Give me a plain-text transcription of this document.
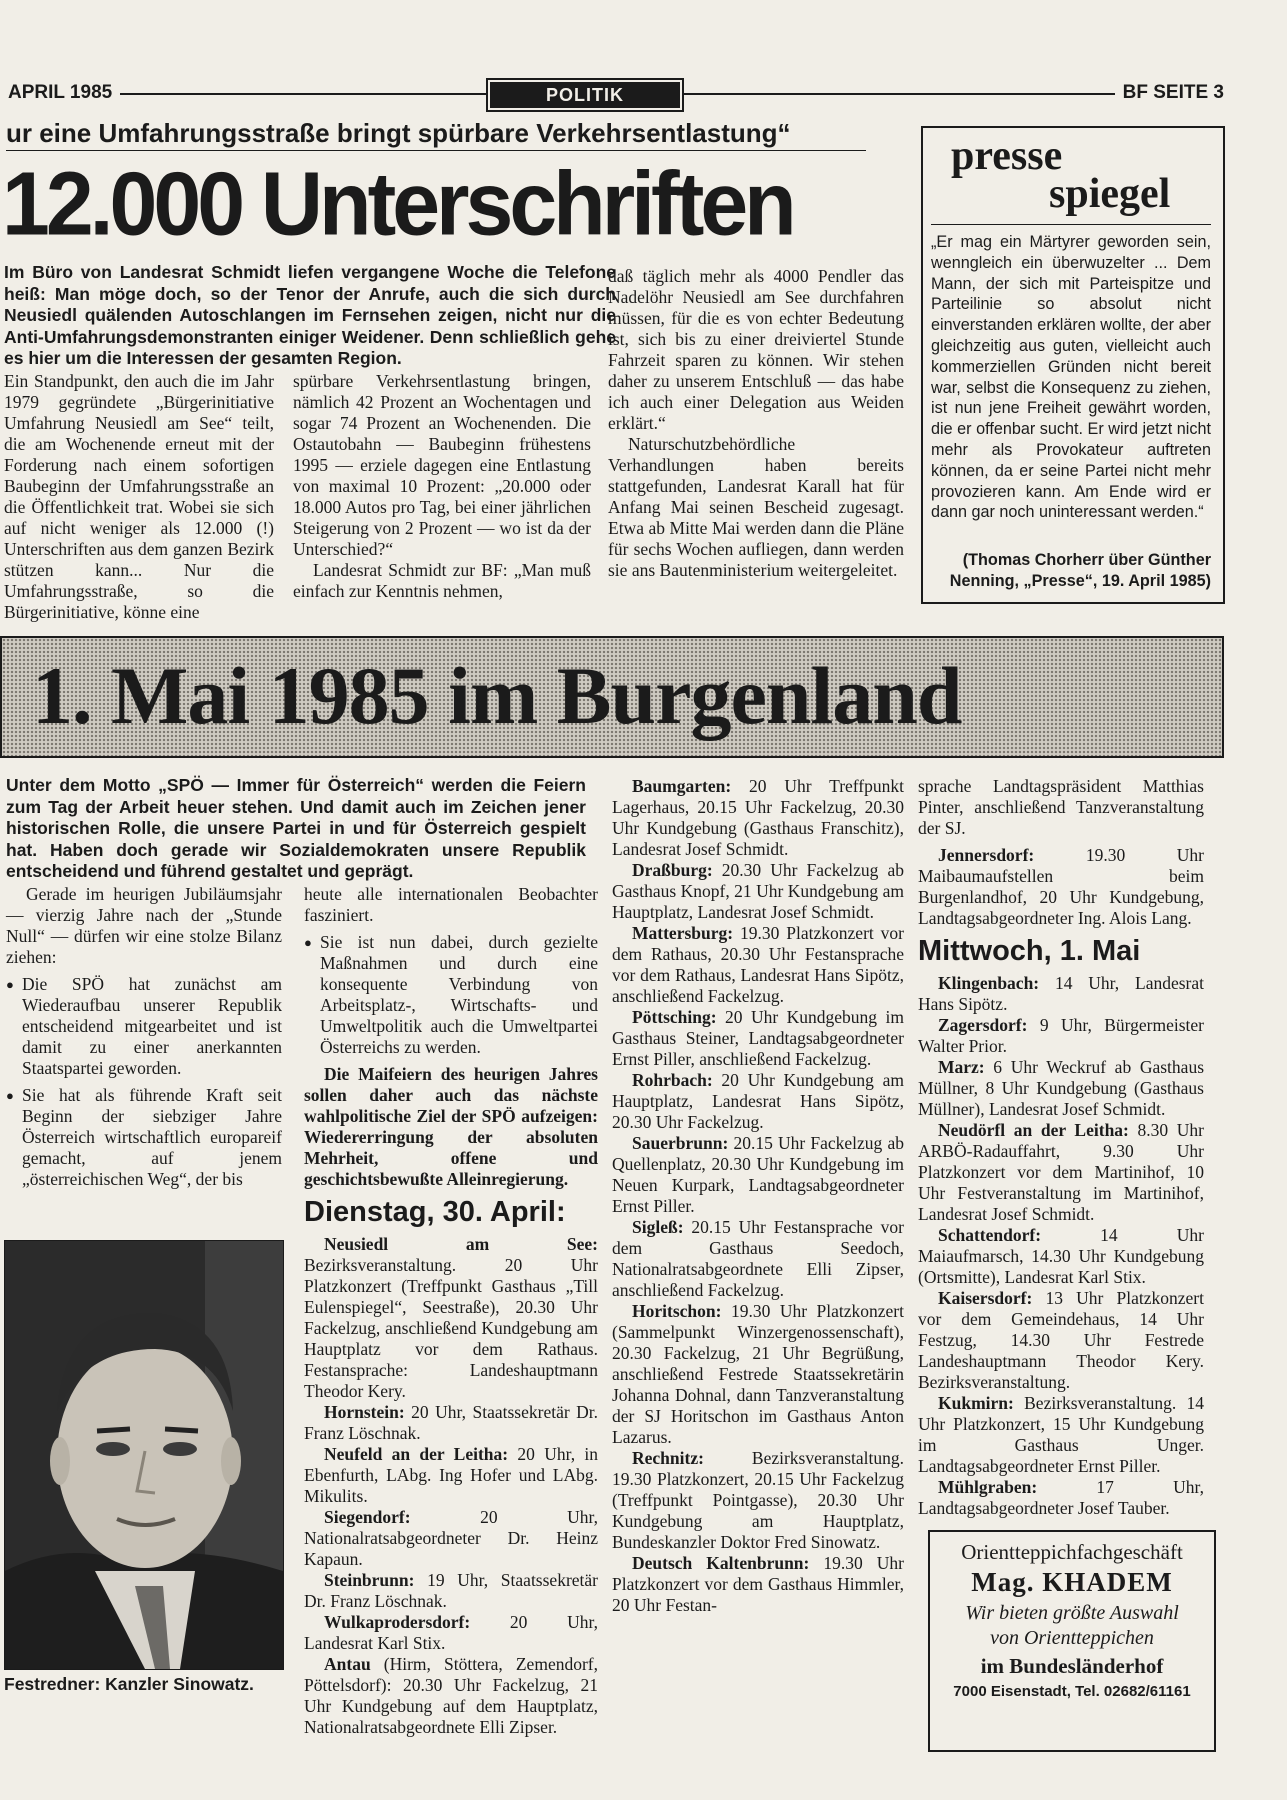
APRIL 1985	POLITIK	BF SEITE 3
ur eine Umfahrungsstraße bringt spürbare Verkehrsentlastung“
12.000 Unterschriften
Im Büro von Landesrat Schmidt liefen vergangene Woche die Telefone heiß: Man möge doch, so der Tenor der Anrufe, auch die sich durch Neusiedl quälenden Autoschlangen im Fernsehen zeigen, nicht nur die Anti-Umfahrungsdemonstranten einiger Weidener. Denn schließlich gehe es hier um die Interessen der gesamten Region.

Ein Standpunkt, den auch die im Jahr 1979 gegründete „Bürgerinitiative Umfahrung Neusiedl am See“ teilt, die am Wochenende erneut mit der Forderung nach einem sofortigen Baubeginn der Umfahrungsstraße an die Öffentlichkeit trat. Wobei sie sich auf nicht weniger als 12.000 (!) Unterschriften aus dem ganzen Bezirk stützen kann... Nur die Umfahrungsstraße, so die Bürgerinitiative, könne eine

spürbare Verkehrsentlastung bringen, nämlich 42 Prozent an Wochentagen und sogar 74 Prozent an Wochenenden. Die Ostautobahn — Baubeginn frühestens 1995 — erziele dagegen eine Entlastung von maximal 10 Prozent: „20.000 oder 18.000 Autos pro Tag, bei einer jährlichen Steigerung von 2 Prozent — wo ist da der Unterschied?“

Landesrat Schmidt zur BF: „Man muß einfach zur Kenntnis nehmen,

daß täglich mehr als 4000 Pendler das Nadelöhr Neusiedl am See durchfahren müssen, für die es von echter Bedeutung ist, sich bis zu einer dreiviertel Stunde Fahrzeit sparen zu können. Wir stehen daher zu unserem Entschluß — das habe ich auch einer Delegation aus Weiden erklärt.“

Naturschutzbehördliche Verhandlungen haben bereits stattgefunden, Landesrat Karall hat für Anfang Mai seinen Bescheid zugesagt. Etwa ab Mitte Mai werden dann die Pläne für sechs Wochen aufliegen, dann werden sie ans Bautenministerium weitergeleitet.

presse
spiegel
„Er mag ein Märtyrer geworden sein, wenngleich ein überwuzelter ... Dem Mann, der sich mit Parteispitze und Parteilinie so absolut nicht einverstanden erklären wollte, der aber gleichzeitig aus guten, vielleicht auch kommerziellen Gründen nicht bereit war, selbst die Konsequenz zu ziehen, ist nun jene Freiheit gewährt worden, die er offenbar sucht. Er wird jetzt nicht mehr als Provokateur auftreten können, da er seine Partei nicht mehr provozieren kann. Am Ende wird er dann gar noch uninteressant werden.“
(Thomas Chorherr über Günther Nenning, „Presse“, 19. April 1985)
1. Mai 1985 im Burgenland
Unter dem Motto „SPÖ — Immer für Österreich“ werden die Feiern zum Tag der Arbeit heuer stehen. Und damit auch im Zeichen jener historischen Rolle, die unsere Partei in und für Österreich gespielt hat. Haben doch gerade wir Sozialdemokraten unsere Republik entscheidend und führend gestaltet und geprägt.

Gerade im heurigen Jubiläumsjahr — vierzig Jahre nach der „Stunde Null“ — dürfen wir eine stolze Bilanz ziehen:

● Die SPÖ hat zunächst am Wiederaufbau unserer Republik entscheidend mitgearbeitet und ist damit zu einer anerkannten Staatspartei geworden.

● Sie hat als führende Kraft seit Beginn der siebziger Jahre Österreich wirtschaftlich europareif gemacht, auf jenem „österreichischen Weg“, der bis

Festredner: Kanzler Sinowatz.

heute alle internationalen Beobachter fasziniert.

● Sie ist nun dabei, durch gezielte Maßnahmen und durch eine konsequente Verbindung von Arbeitsplatz-, Wirtschafts- und Umweltpolitik auch die Umweltpartei Österreichs zu werden.

Die Maifeiern des heurigen Jahres sollen daher auch das nächste wahlpolitische Ziel der SPÖ aufzeigen: Wiedererringung der absoluten Mehrheit, offene und geschichtsbewußte Alleinregierung.

Dienstag, 30. April:

Neusiedl am See: Bezirksveranstaltung. 20 Uhr Platzkonzert (Treffpunkt Gasthaus „Till Eulenspiegel“, Seestraße), 20.30 Uhr Fackelzug, anschließend Kundgebung am Hauptplatz vor dem Rathaus. Festansprache: Landeshauptmann Theodor Kery.

Hornstein: 20 Uhr, Staatssekretär Dr. Franz Löschnak.

Neufeld an der Leitha: 20 Uhr, in Ebenfurth, LAbg. Ing Hofer und LAbg. Mikulits.

Siegendorf:	20 Uhr, Nationalratsabgeordneter Dr. Heinz Kapaun.

Steinbrunn: 19 Uhr, Staatssekretär Dr. Franz Löschnak.

Wulkaprodersdorf: 20 Uhr, Landesrat Karl Stix.

Antau (Hirm, Stöttera, Zemendorf, Pöttelsdorf): 20.30 Uhr Fackelzug, 21 Uhr Kundgebung auf dem Hauptplatz, Nationalratsabgeordnete Elli Zipser.

Baumgarten: 20 Uhr Treffpunkt Lagerhaus, 20.15 Uhr Fackelzug, 20.30 Uhr Kundgebung (Gasthaus Franschitz), Landesrat Josef Schmidt.

Draßburg: 20.30 Uhr Fackelzug ab Gasthaus Knopf, 21 Uhr Kundgebung am Hauptplatz, Landesrat Josef Schmidt.

Mattersburg: 19.30 Platzkonzert vor dem Rathaus, 20.30 Uhr Festansprache vor dem Rathaus, Landesrat Hans Sipötz, anschließend Fackelzug.

Pöttsching: 20 Uhr Kundgebung im Gasthaus Steiner, Landtagsabgeordneter Ernst Piller, anschließend Fackelzug.

Rohrbach: 20 Uhr Kundgebung am Hauptplatz, Landesrat Hans Sipötz, 20.30 Uhr Fackelzug.

Sauerbrunn: 20.15 Uhr Fackelzug ab Quellenplatz, 20.30 Uhr Kundgebung im Neuen Kurpark, Landtagsabgeordneter Ernst Piller.

Sigleß: 20.15 Uhr Festansprache vor dem Gasthaus Seedoch, Nationalratsabgeordnete Elli Zipser, anschließend Fackelzug.

Horitschon: 19.30 Uhr Platzkonzert (Sammelpunkt Winzergenossenschaft), 20.30 Fackelzug, 21 Uhr Begrüßung, anschließend Festrede Staatssekretärin Johanna Dohnal, dann Tanzveranstaltung der SJ Horitschon im Gasthaus Anton Lazarus.

Rechnitz:	Bezirksveranstaltung. 19.30 Platzkonzert, 20.15 Uhr Fackelzug (Treffpunkt Pointgasse), 20.30 Uhr Kundgebung am Hauptplatz, Bundeskanzler Doktor Fred Sinowatz.

Deutsch Kaltenbrunn: 19.30 Uhr Platzkonzert vor dem Gasthaus Himmler, 20 Uhr Festan-

sprache Landtagspräsident Matthias Pinter, anschließend Tanzveranstaltung der SJ.

Jennersdorf:	19.30 Uhr Maibaumaufstellen beim Burgenlandhof, 20 Uhr Kundgebung, Landtagsabgeordneter Ing. Alois Lang.

Mittwoch, 1. Mai

Klingenbach: 14 Uhr, Landesrat Hans Sipötz.

Zagersdorf: 9 Uhr, Bürgermeister Walter Prior.

Marz: 6 Uhr Weckruf ab Gasthaus Müllner, 8 Uhr Kundgebung (Gasthaus Müllner), Landesrat Josef Schmidt.

Neudörfl an der Leitha: 8.30 Uhr ARBÖ-Radauffahrt, 9.30 Uhr Platzkonzert vor dem Martinihof, 10 Uhr Festveranstaltung im Martinihof, Landesrat Josef Schmidt.

Schattendorf:	14 Uhr Maiaufmarsch, 14.30 Uhr Kundgebung (Ortsmitte), Landesrat Karl Stix.

Kaisersdorf: 13 Uhr Platzkonzert vor dem Gemeindehaus, 14 Uhr Festzug, 14.30 Uhr Festrede Landeshauptmann Theodor Kery. Bezirksveranstaltung.

Kukmirn: Bezirksveranstaltung. 14 Uhr Platzkonzert, 15 Uhr Kundgebung im Gasthaus Unger. Landtagsabgeordneter Ernst Piller.

Mühlgraben:	17 Uhr, Landtagsabgeordneter Josef Tauber.

Orientteppichfachgeschäft
Mag. KHADEM
Wir bieten größte Auswahl
von Orientteppichen
im Bundesländerhof
7000 Eisenstadt, Tel. 02682/61161
